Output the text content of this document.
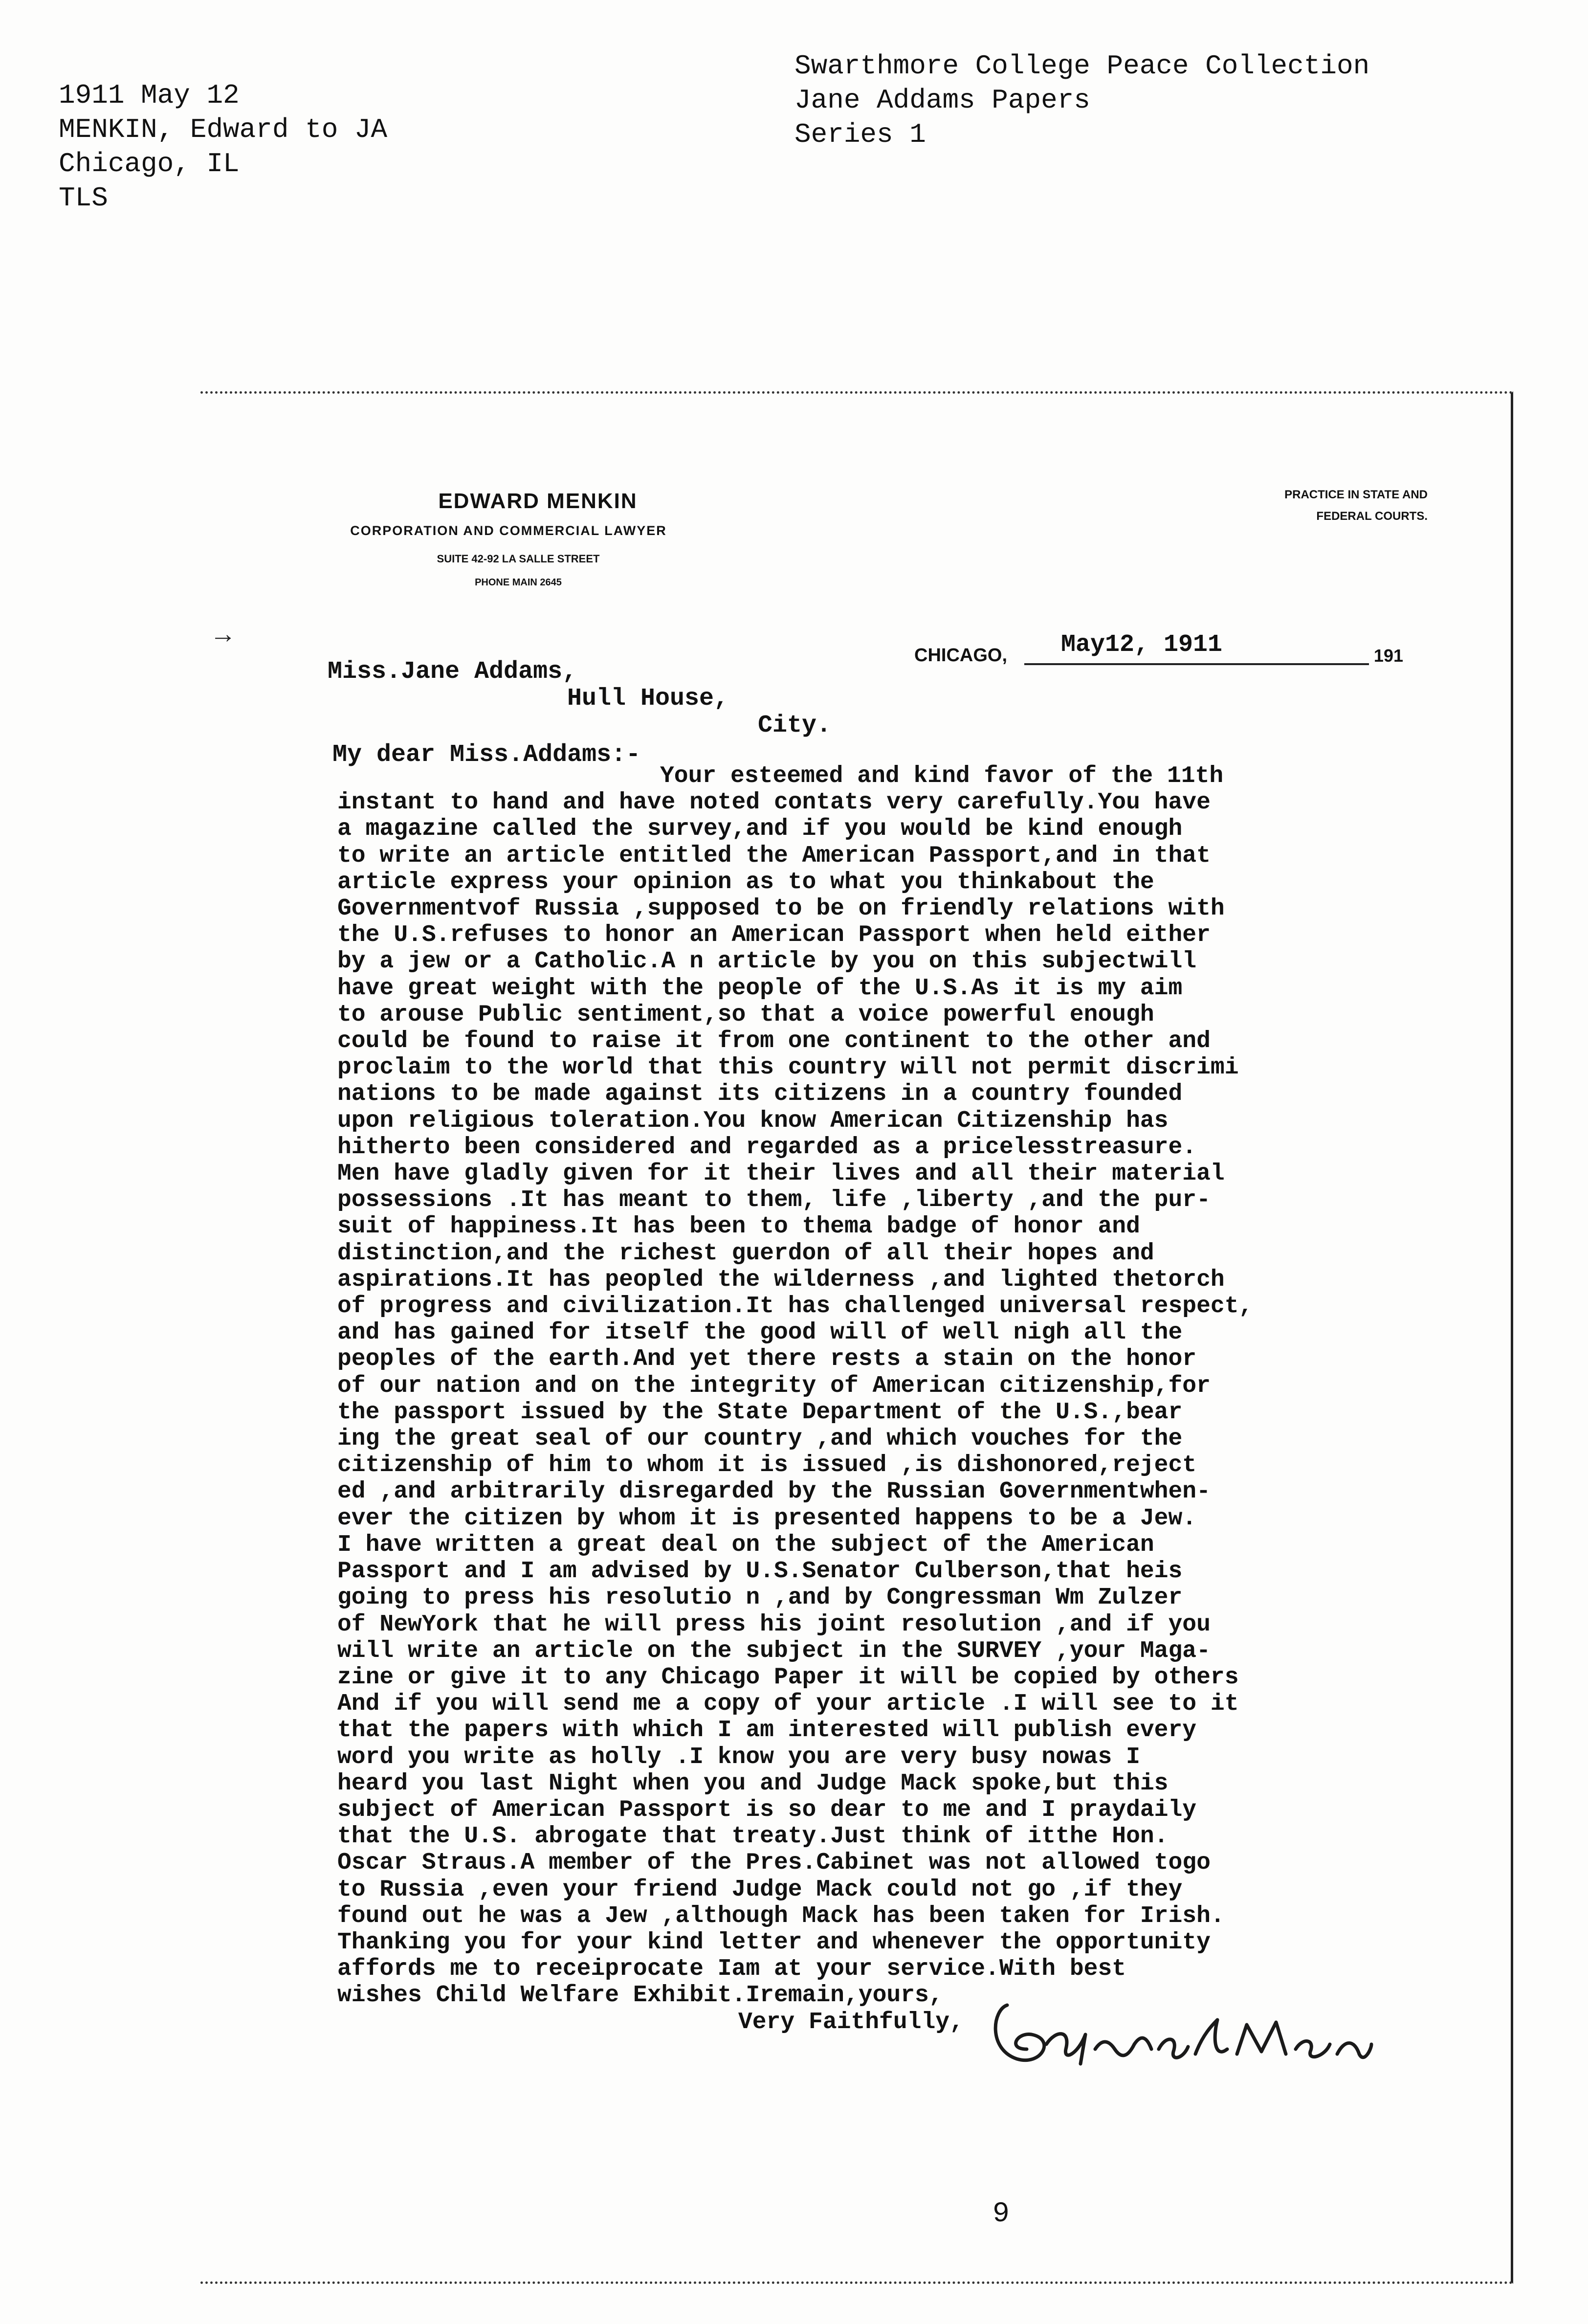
1911 May 12
MENKIN, Edward to JA
Chicago, IL
TLS
Swarthmore College Peace Collection
Jane Addams Papers
Series 1
EDWARD MENKIN
CORPORATION AND COMMERCIAL LAWYER
SUITE 42-92 LA SALLE STREET
PHONE MAIN 2645
PRACTICE IN STATE AND
FEDERAL COURTS.
→
CHICAGO, May12, 1911	191
Miss.Jane Addams,
Hull House,
City.
My dear Miss.Addams:-
Your esteemed and kind favor of the 11th
instant to hand and have noted contats very carefully.You have
a magazine called the survey,and if you would be kind enough
to write an article entitled the American Passport,and in that
article express your opinion as to what you thinkabout the
Governmentvof Russia ,supposed to be on friendly relations with
the U.S.refuses to honor an American Passport when held either
by a jew or a Catholic.A n article by you on this subjectwill
have great weight with the people of the U.S.As it is my aim
to arouse Public sentiment,so that a voice powerful enough
could be found to raise it from one continent to the other and
proclaim to the world that this country will not permit discrimi
nations to be made against its citizens in a country founded
upon religious toleration.You know American Citizenship has
hitherto been considered and regarded as a pricelesstreasure.
Men have gladly given for it their lives and all their material
possessions .It has meant to them, life ,liberty ,and the pur-
suit of happiness.It has been to thema badge of honor and
distinction,and the richest guerdon of all their hopes and
aspirations.It has peopled the wilderness ,and lighted thetorch
of progress and civilization.It has challenged universal respect,
and has gained for itself the good will of well nigh all the
peoples of the earth.And yet there rests a stain on the honor
of our nation and on the integrity of American citizenship,for
the passport issued by the State Department of the U.S.,bear
ing the great seal of our country ,and which vouches for the
citizenship of him to whom it is issued ,is dishonored,reject
ed ,and arbitrarily disregarded by the Russian Governmentwhen-
ever the citizen by whom it is presented happens to be a Jew.
I have written a great deal on the subject of the American
Passport and I am advised by U.S.Senator Culberson,that heis
going to press his resolutio n ,and by Congressman Wm Zulzer
of NewYork that he will press his joint resolution ,and if you
will write an article on the subject in the SURVEY ,your Maga-
zine or give it to any Chicago Paper it will be copied by others
And if you will send me a copy of your article .I will see to it
that the papers with which I am interested will publish every
word you write as holly .I know you are very busy nowas I
heard you last Night when you and Judge Mack spoke,but this
subject of American Passport is so dear to me and I praydaily
that the U.S. abrogate that treaty.Just think of itthe Hon.
Oscar Straus.A member of the Pres.Cabinet was not allowed togo
to Russia ,even your friend Judge Mack could not go ,if they
found out he was a Jew ,although Mack has been taken for Irish.
Thanking you for your kind letter and whenever the opportunity
affords me to receiprocate Iam at your service.With best
wishes Child Welfare Exhibit.Iremain,yours,
Very Faithfully,
9
